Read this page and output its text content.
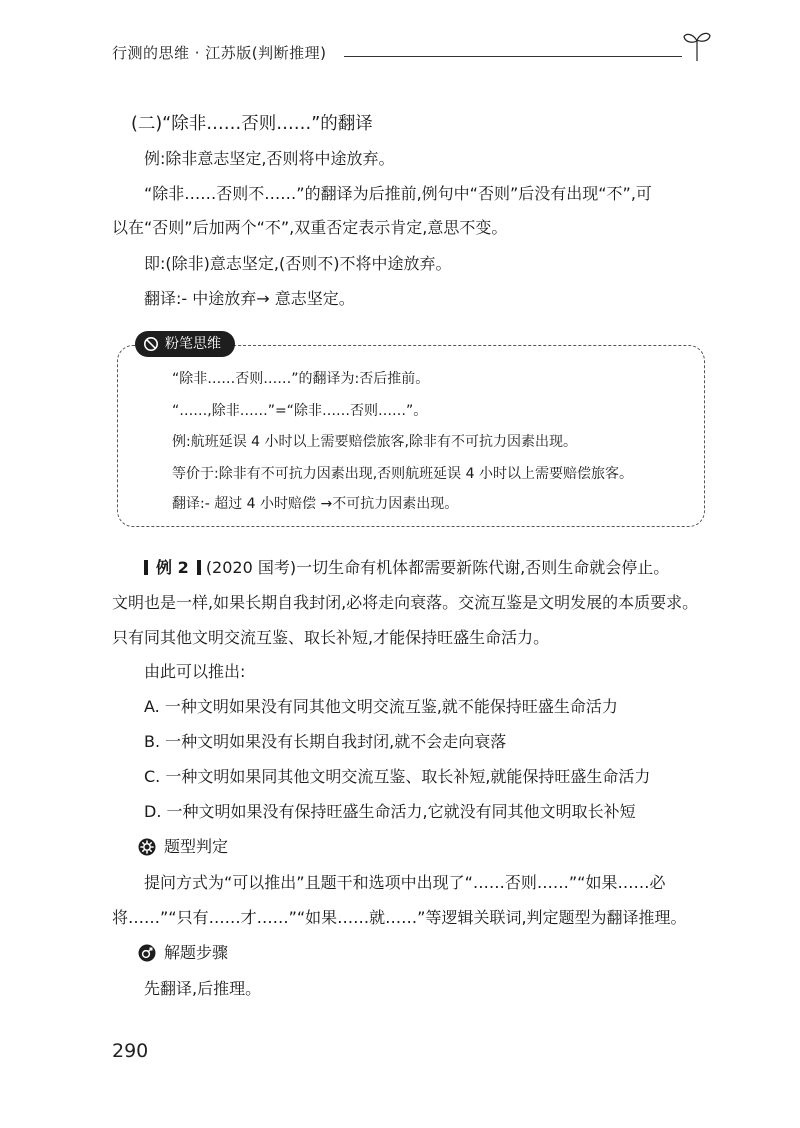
行测的思维 · 江苏版(判断推理)
(二)“除非……否则……”的翻译
例:除非意志坚定,否则将中途放弃。
“除非……否则不……”的翻译为后推前,例句中“否则”后没有出现“不”,可
以在“否则”后加两个“不”,双重否定表示肯定,意思不变。
即:(除非)意志坚定,(否则不)不将中途放弃。
翻译:- 中途放弃→ 意志坚定。
粉笔思维
“除非……否则……”的翻译为:否后推前。
“……,除非……”=“除非……否则……”。
例:航班延误 4 小时以上需要赔偿旅客,除非有不可抗力因素出现。
等价于:除非有不可抗力因素出现,否则航班延误 4 小时以上需要赔偿旅客。
翻译:- 超过 4 小时赔偿 →不可抗力因素出现。
例 2 (2020 国考)一切生命有机体都需要新陈代谢,否则生命就会停止。
文明也是一样,如果长期自我封闭,必将走向衰落。交流互鉴是文明发展的本质要求。
只有同其他文明交流互鉴、取长补短,才能保持旺盛生命活力。
由此可以推出:
A. 一种文明如果没有同其他文明交流互鉴,就不能保持旺盛生命活力
B. 一种文明如果没有长期自我封闭,就不会走向衰落
C. 一种文明如果同其他文明交流互鉴、取长补短,就能保持旺盛生命活力
D. 一种文明如果没有保持旺盛生命活力,它就没有同其他文明取长补短
题型判定
提问方式为“可以推出”且题干和选项中出现了“……否则……”“如果……必
将……”“只有……才……”“如果……就……”等逻辑关联词,判定题型为翻译推理。
解题步骤
先翻译,后推理。
290
